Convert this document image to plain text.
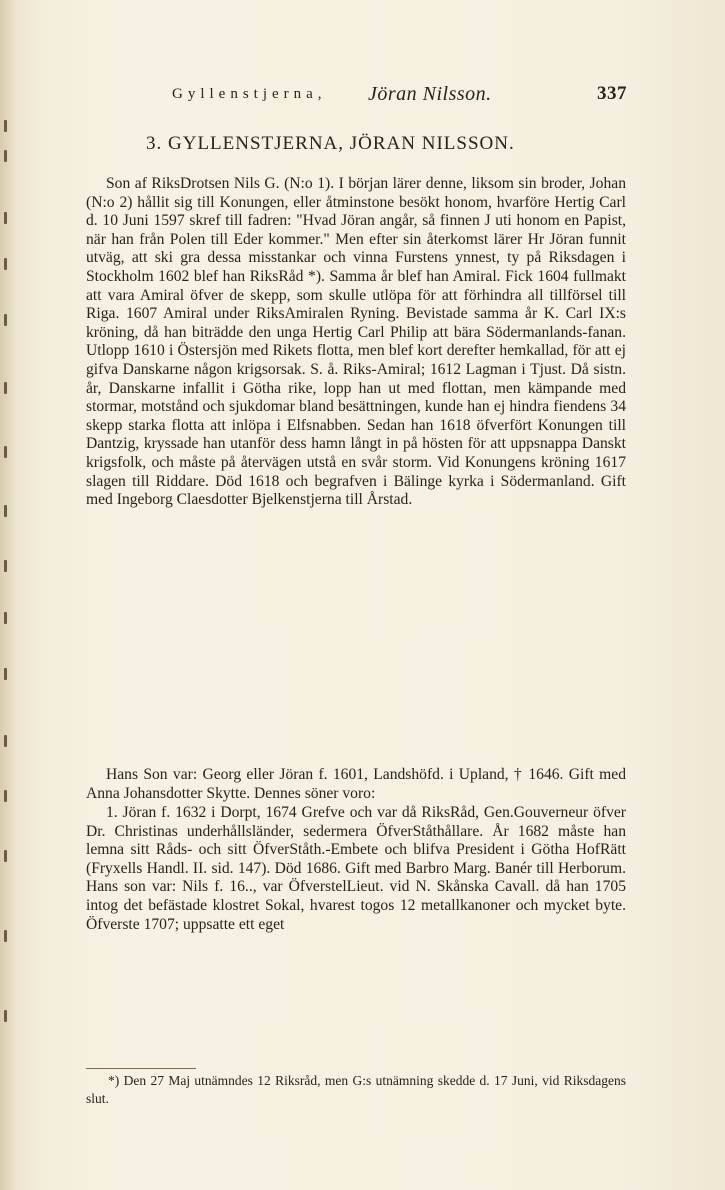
Gyllenstjerna, Jöran Nilsson.	337
3. GYLLENSTJERNA, JÖRAN NILSSON.

Son af RiksDrotsen Nils G. (N:o 1). I början lärer denne, liksom sin broder, Johan (N:o 2) hållit sig till Konungen, eller åtminstone besökt honom, hvarföre Hertig Carl d. 10 Juni 1597 skref till fadren: "Hvad Jöran angår, så finnen J uti honom en Papist, när han från Polen till Eder kommer." Men efter sin återkomst lärer Hr Jöran funnit utväg, att ski gra dessa misstankar och vinna Furstens ynnest, ty på Riksdagen i Stockholm 1602 blef han RiksRåd *). Samma år blef han Amiral. Fick 1604 fullmakt att vara Amiral öfver de skepp, som skulle utlöpa för att förhindra all tillförsel till Riga. 1607 Amiral under RiksAmiralen Ryning. Bevistade samma år K. Carl IX:s kröning, då han biträdde den unga Hertig Carl Philip att bära Södermanlands-fanan. Utlopp 1610 i Östersjön med Rikets flotta, men blef kort derefter hemkallad, för att ej gifva Danskarne någon krigsorsak. S. å. Riks-Amiral; 1612 Lagman i Tjust. Då sistn. år, Danskarne infallit i Götha rike, lopp han ut med flottan, men kämpande med stormar, motstånd och sjukdomar bland besättningen, kunde han ej hindra fiendens 34 skepp starka flotta att inlöpa i Elfsnabben. Sedan han 1618 öfverfört Konungen till Dantzig, kryssade han utanför dess hamn långt in på hösten för att uppsnappa Danskt krigsfolk, och måste på återvägen utstå en svår storm. Vid Konungens kröning 1617 slagen till Riddare. Död 1618 och begrafven i Bälinge kyrka i Södermanland. Gift med Ingeborg Claesdotter Bjelkenstjerna till Årstad.

Hans Son var: Georg eller Jöran f. 1601, Landshöfd. i Upland, † 1646. Gift med Anna Johansdotter Skytte. Dennes söner voro:

1. Jöran f. 1632 i Dorpt, 1674 Grefve och var då RiksRåd, Gen.Gouverneur öfver Dr. Christinas underhållsländer, sedermera ÖfverStåthållare. År 1682 måste han lemna sitt Råds- och sitt ÖfverStåth.-Embete och blifva President i Götha HofRätt (Fryxells Handl. II. sid. 147). Död 1686. Gift med Barbro Marg. Banér till Herborum. Hans son var: Nils f. 16.., var ÖfverstelLieut. vid N. Skånska Cavall. då han 1705 intog det befästade klostret Sokal, hvarest togos 12 metallkanoner och mycket byte. Öfverste 1707; uppsatte ett eget

*) Den 27 Maj utnämndes 12 Riksråd, men G:s utnämning skedde d. 17 Juni, vid Riksdagens slut.
